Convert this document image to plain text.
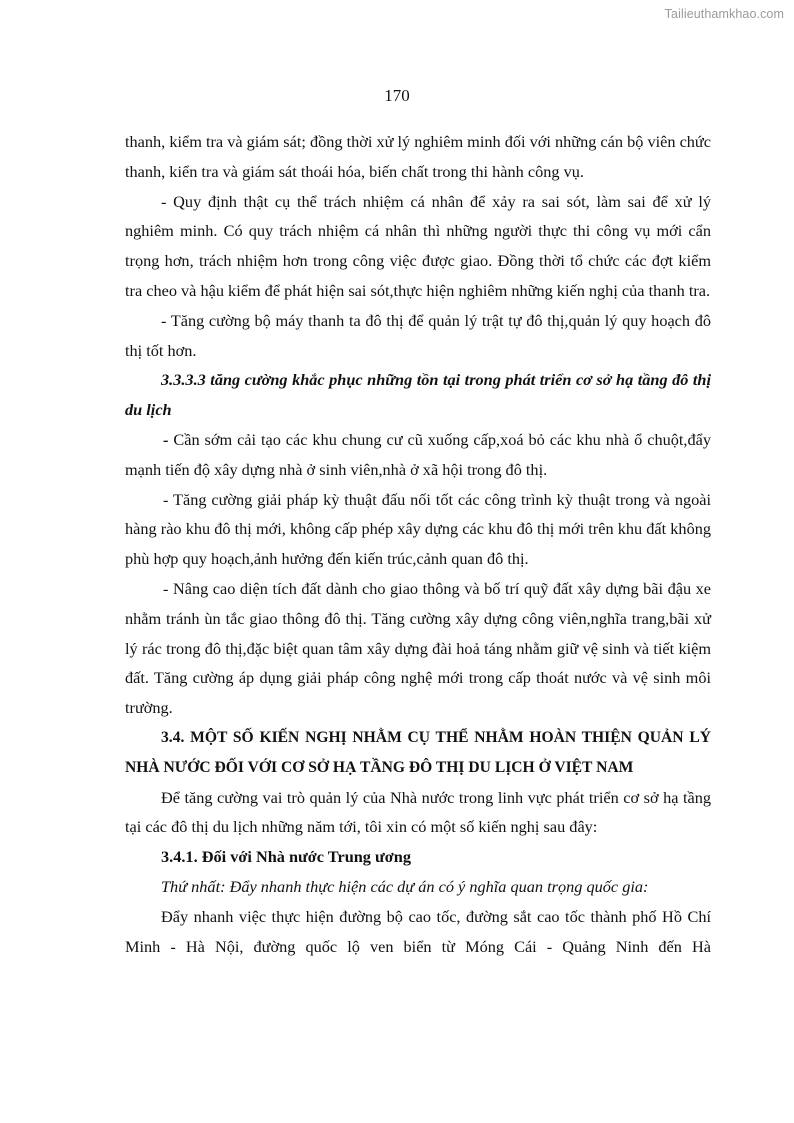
Tailieuthamkhao.com
170

thanh, kiểm tra và giám sát; đồng thời xử lý nghiêm minh đối với những cán bộ viên chức thanh, kiển tra và giám sát thoái hóa, biến chất trong thi hành công vụ.

- Quy định thật cụ thể trách nhiệm cá nhân để xảy ra sai sót, làm sai để xử lý nghiêm minh. Có quy trách nhiệm cá nhân thì những người thực thi công vụ mới cẩn trọng hơn, trách nhiệm hơn trong công việc được giao. Đồng thời tổ chức các đợt kiểm tra cheo và hậu kiểm để phát hiện sai sót,thực hiện nghiêm những kiến nghị của thanh tra.

- Tăng cường bộ máy thanh ta đô thị để quản lý trật tự đô thị,quản lý quy hoạch đô thị tốt hơn.

3.3.3.3 tăng cường khắc phục những tồn tại trong phát triển cơ sở hạ tầng đô thị du lịch

- Cần sớm cải tạo các khu chung cư cũ xuống cấp,xoá bỏ các khu nhà ổ chuột,đẩy mạnh tiến độ xây dựng nhà ở sinh viên,nhà ở xã hội trong đô thị.

- Tăng cường giải pháp kỳ thuật đấu nối tốt các công trình kỳ thuật trong và ngoài hàng rào khu đô thị mới, không cấp phép xây dựng các khu đô thị mới trên khu đất không phù hợp quy hoạch,ảnh hưởng đến kiến trúc,cảnh quan đô thị.

- Nâng cao diện tích đất dành cho giao thông và bố trí quỹ đất xây dựng bãi đậu xe nhằm tránh ùn tắc giao thông đô thị. Tăng cường xây dựng công viên,nghĩa trang,bãi xử lý rác trong đô thị,đặc biệt quan tâm xây dựng đài hoả táng nhằm giữ vệ sinh và tiết kiệm đất. Tăng cường áp dụng giải pháp công nghệ mới trong cấp thoát nước và vệ sinh môi trường.

3.4. MỘT SỐ KIẾN NGHỊ NHẰM CỤ THỂ NHẰM HOÀN THIỆN QUẢN LÝ NHÀ NƯỚC ĐỐI VỚI CƠ SỞ HẠ TẦNG ĐÔ THỊ DU LỊCH Ở VIỆT NAM

Để tăng cường vai trò quản lý của Nhà nước trong linh vực phát triển cơ sở hạ tầng tại các đô thị du lịch những năm tới, tôi xin có một số kiến nghị sau đây:

3.4.1. Đối với Nhà nước Trung ương

Thứ nhất: Đẩy nhanh thực hiện các dự án có ý nghĩa quan trọng quốc gia:

Đẩy nhanh việc thực hiện đường bộ cao tốc, đường sắt cao tốc thành phố Hồ Chí Minh - Hà Nội, đường quốc lộ ven biển từ Móng Cái - Quảng Ninh đến Hà
